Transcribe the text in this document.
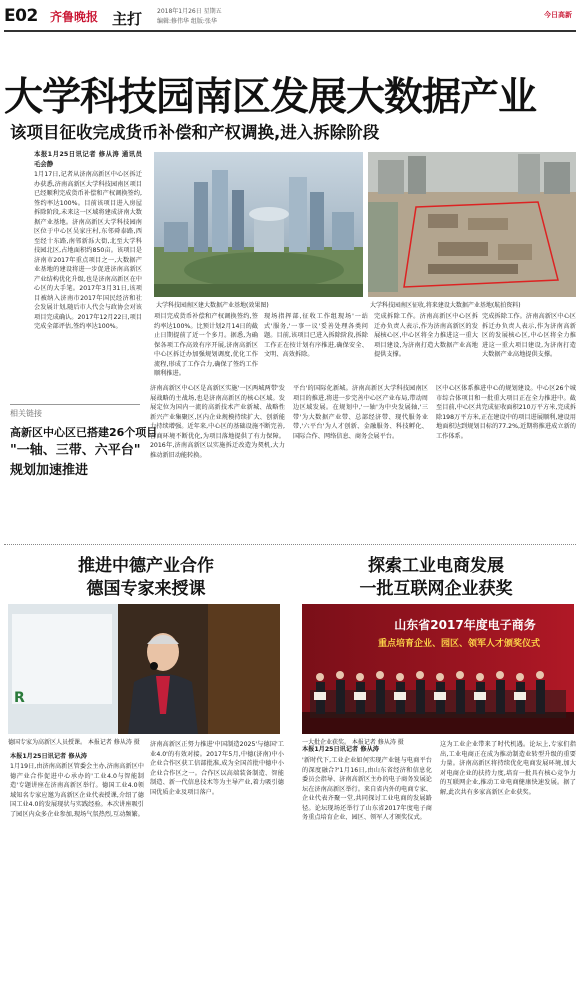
E02 齐鲁晚报 主打 2018年1月26日 星期五
编辑:修伟华 组版:张华
今日高新
大学科技园南区发展大数据产业
该项目征收完成货币补偿和产权调换,进入拆除阶段
本报1月25日讯记者 修从涛 通讯员 毛会静
1月17日,记者从济南高新区中心区拆迁办获悉,济南高新区大学科技园南区项目已经顺利完成货币补偿和产权调换签约,签约率达100%。目前该项目进入房屋拆除阶段,未来这一区域将建成济南大数据产业基地。济南高新区大学科技园南区位于中心区吴家庄村,东邻舜泰路,西至经十东路,南邻新泺大街,北至大学科技园北区,占地面积约850亩。该项目是济南市2017年重点项目之一,大数据产业基地的建设将进一步促进济南高新区产业结构优化升级,也是济南高新区在中心区的大手笔。2017年3月31日,该项目被纳入济南市2017年国民经济和社会发展计划,随后市人代会与政协会对该项目完成确认。2017年12月22日,项目完成全部评估,签约率达100%。
大学科技园南区建大数据产业基地(效果图)	大学科技园南区征收,将来建设大数据产业基地(航拍资料)
项目完成货币补偿和产权调换签约,签约率达100%。比预计划2月14日的截止日期提前了近一个多月。据悉,为确保各项工作高效有序开展,济南高新区中心区拆迁办加强规划调度,优化工作流程,形成了工作合力,确保了签约工作顺利推进。
现场指挥部,征收工作组现场'一站式'服务,'一事一议'妥善处理各类问题。目前,该项目已进入拆除阶段,拆除工作正在按计划有序推进,确保安全、文明、高效拆除。
完成拆除工作。济南高新区中心区拆迁办负责人表示,作为济南高新区的发展核心区,中心区将全力推进这一重大项目建设,为济南打造大数据产业高地提供支撑。
完成拆除工作。济南高新区中心区拆迁办负责人表示,作为济南高新区的发展核心区,中心区将全力推进这一重大项目建设,为济南打造大数据产业高地提供支撑。
相关链接
高新区中心区已搭建26个项目
"一轴、三带、六平台"
规划加速推进
济南高新区中心区是高新区实施'一区两城两带'发展战略的主战场,也是济南高新区的核心区域。发展定位为国内一流的高新技术产业新城、战略性新兴产业集聚区,区内企业规模持续扩大、创新能力持续增强。近年来,中心区的基础设施不断完善,营商环境不断优化,为项目落地提供了有力保障。2016年,济南高新区以实施拆迁改造为契机,大力推动新旧动能转换。
平台'的国际化新城。济南高新区大学科技园南区项目的推进,将进一步完善中心区产业布局,带动周边区域发展。在规划中,'一轴'为中央发展轴,'三带'为大数据产业带、总部经济带、现代服务业带,'六平台'为人才创新、金融服务、科技孵化、国际合作、网络信息、商务会展平台。
区中心区体系推进中心的规划建设。中心区26个城市综合体项目和一批重大项目正在全力推进中。截至目前,中心区共完成征收面积210万平方米,完成拆除198万平方米,正在建设中的项目进展顺利,建设用地面积达到规划目标的77.2%,近期将推进成立新的工作体系。
推进中德产业合作
德国专家来授课
R
德国专家为高新区人员授课。 本报记者 修从涛 摄
本报1月25日讯记者 修从涛
1月19日,由济南高新区管委会主办,济南高新区中德产业合作促进中心承办的'工业4.0与智能制造'专题讲座在济南高新区举行。德国工业4.0领域知名专家应邀为高新区企业代表授课,介绍了德国工业4.0的发展现状与实践经验。本次讲座吸引了园区内众多企业参加,现场气氛热烈,互动频繁。
济南高新区正努力推进'中国制造2025'与德国'工业4.0'的有效对接。2017年5月,中德(济南)中小企业合作区获工信部批准,成为全国首批中德中小企业合作区之一。合作区以高端装备制造、智能制造、新一代信息技术等为主导产业,着力吸引德国优质企业及项目落户。
探索工业电商发展
一批互联网企业获奖
山东省2017年度电子商务
重点培育企业、园区、领军人才颁奖仪式
一大批企业获奖。 本报记者 修从涛 摄
本报1月25日讯记者 修从涛
'新时代下,工业企业如何实现产业链与电商平台的深度融合?'1月16日,由山东省经济和信息化委员会指导、济南高新区主办的电子商务发展论坛在济南高新区举行。来自省内外的电商专家、企业代表齐聚一堂,共同探讨工业电商的发展路径。论坛现场还举行了山东省2017年度电子商务重点培育企业、园区、领军人才颁奖仪式。
这为工业企业带来了时代机遇。论坛上,专家们指出,工业电商正在成为推动制造业转型升级的重要力量。济南高新区将持续优化电商发展环境,加大对电商企业的扶持力度,培育一批具有核心竞争力的互联网企业,推动工业电商健康快速发展。据了解,此次共有多家高新区企业获奖。
